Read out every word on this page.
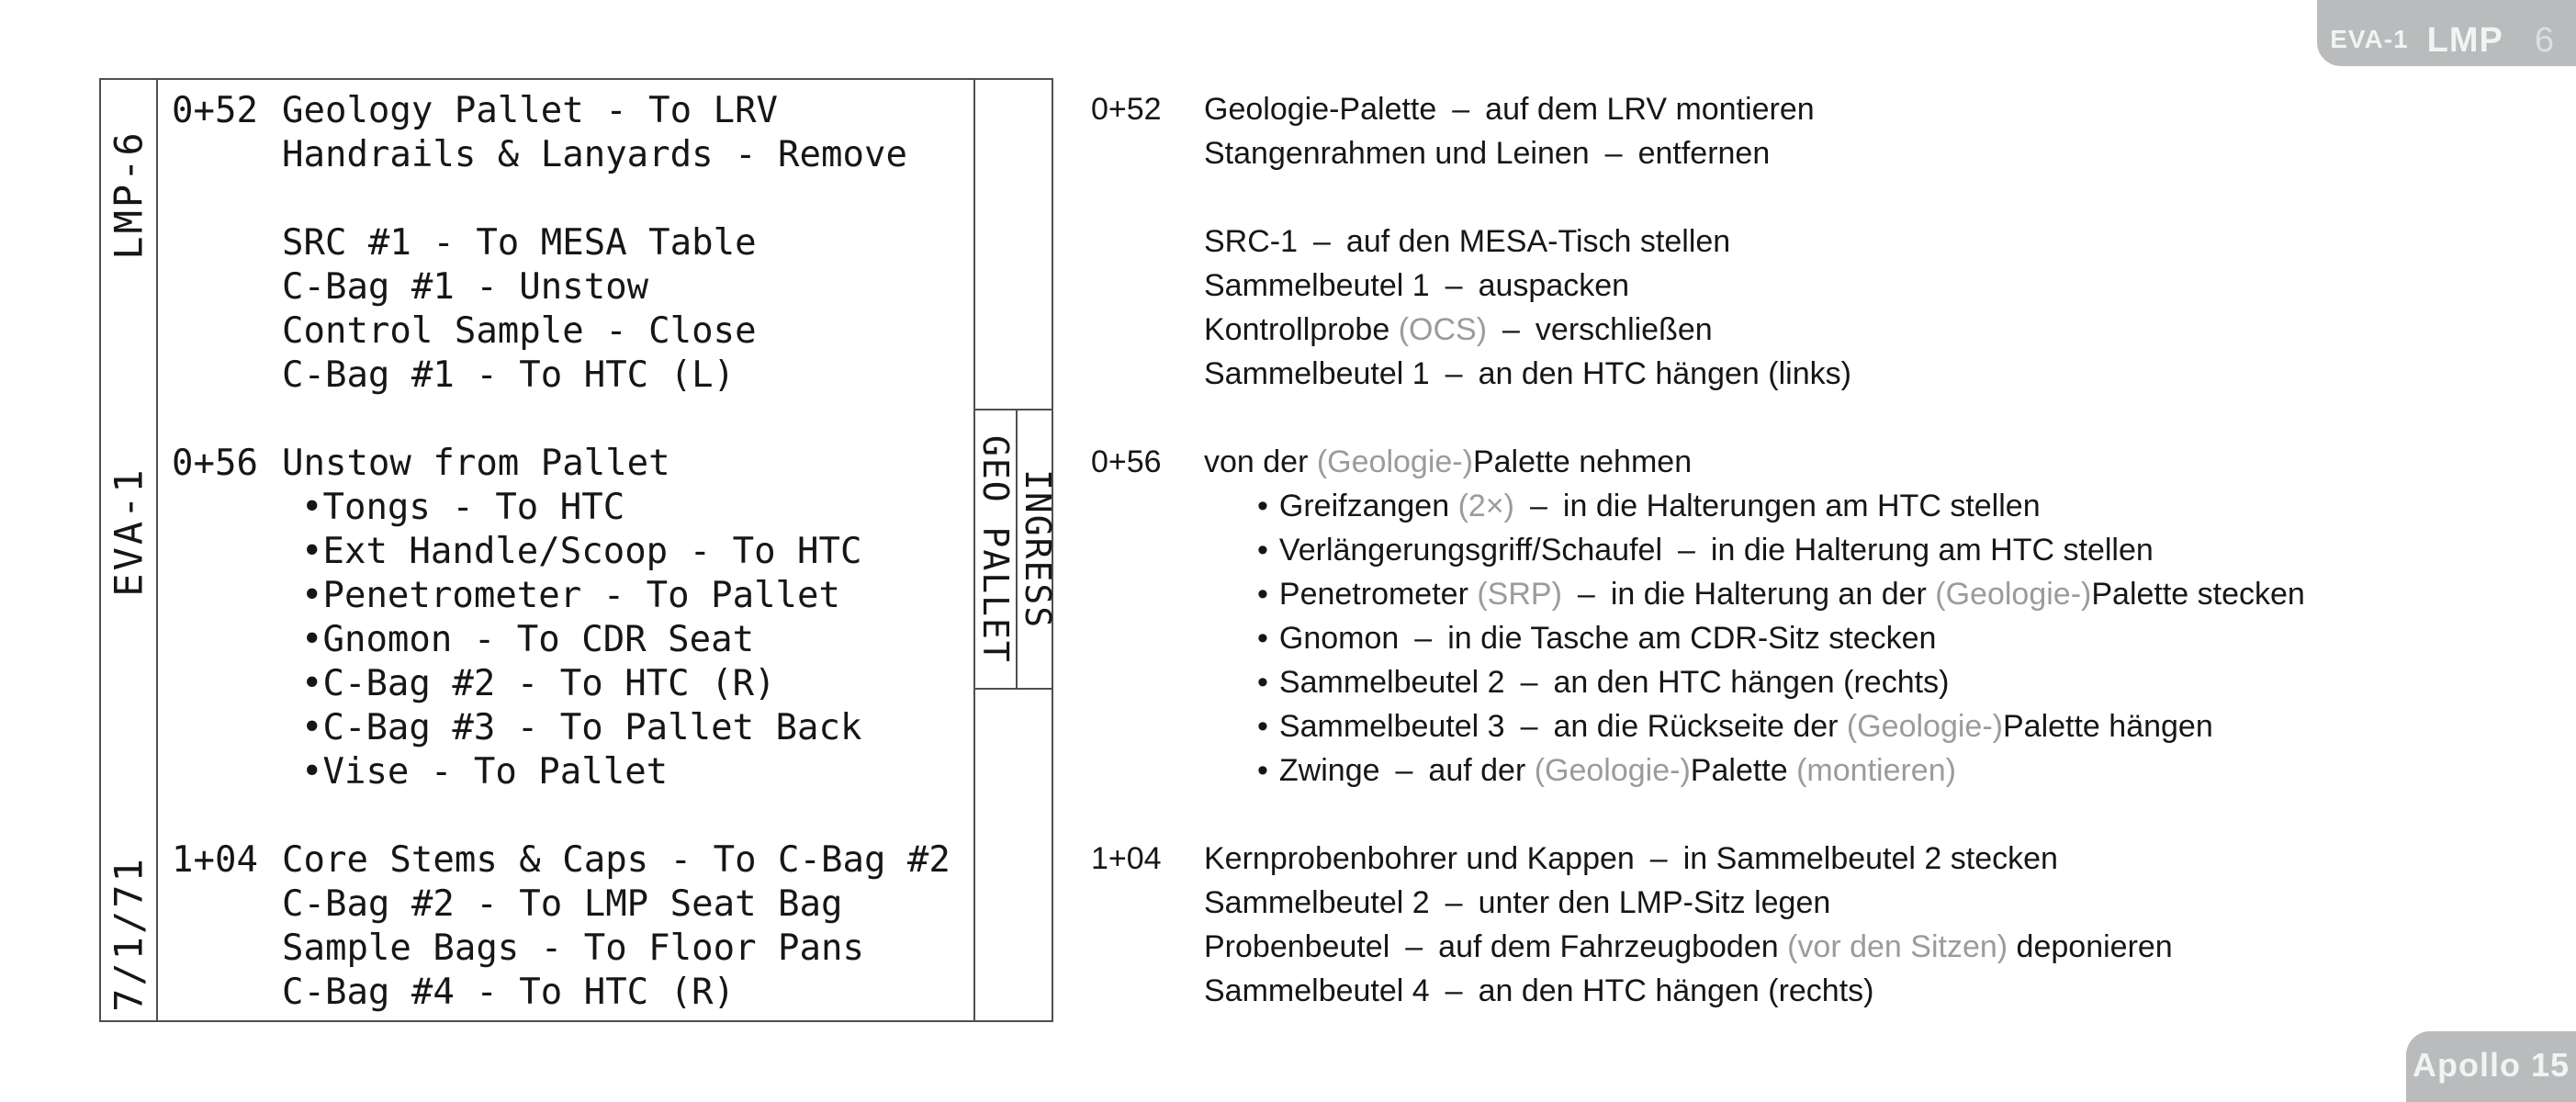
LMP-6
EVA-1
7/1/71
0+52 Geology Pallet - To LRV
Handrails & Lanyards - Remove
SRC #1 - To MESA Table
C-Bag #1 - Unstow
Control Sample - Close
C-Bag #1 - To HTC (L)
0+56 Unstow from Pallet
•Tongs - To HTC
•Ext Handle/Scoop - To HTC
•Penetrometer - To Pallet
•Gnomon - To CDR Seat
•C-Bag #2 - To HTC (R)
•C-Bag #3 - To Pallet Back
•Vise - To Pallet
1+04 Core Stems & Caps - To C-Bag #2
C-Bag #2 - To LMP Seat Bag
Sample Bags - To Floor Pans
C-Bag #4 - To HTC (R)
GEO PALLET INGRESS
0+52 Geologie-Palette – auf dem LRV montieren
Stangenrahmen und Leinen – entfernen
SRC-1 – auf den MESA-Tisch stellen
Sammelbeutel 1 – auspacken
Kontrollprobe (OCS) – verschließen
Sammelbeutel 1 – an den HTC hängen (links)
0+56 von der (Geologie-)Palette nehmen
• Greifzangen (2×) – in die Halterungen am HTC stellen
• Verlängerungsgriff/Schaufel – in die Halterung am HTC stellen
• Penetrometer (SRP) – in die Halterung an der (Geologie-)Palette stecken
• Gnomon – in die Tasche am CDR-Sitz stecken
• Sammelbeutel 2 – an den HTC hängen (rechts)
• Sammelbeutel 3 – an die Rückseite der (Geologie-)Palette hängen
• Zwinge – auf der (Geologie-)Palette (montieren)
1+04 Kernprobenbohrer und Kappen – in Sammelbeutel 2 stecken
Sammelbeutel 2 – unter den LMP-Sitz legen
Probenbeutel – auf dem Fahrzeugboden (vor den Sitzen) deponieren
Sammelbeutel 4 – an den HTC hängen (rechts)
EVA-1 LMP 6
Apollo 15
